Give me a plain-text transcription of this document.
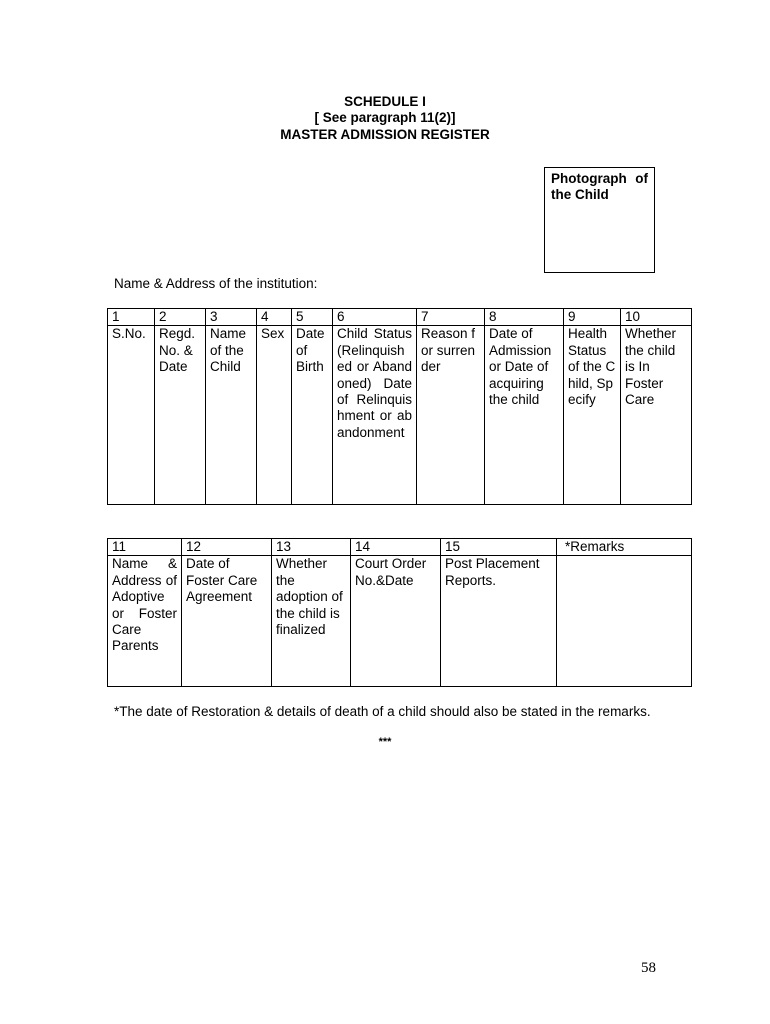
SCHEDULE I
[ See paragraph 11(2)]
MASTER ADMISSION REGISTER
Photograph of the Child
Name & Address of the institution:
1	2	3	4	5	6	7	8	9	10
S.No.	Regd. No. & Date	Name of the Child	Sex	Date of Birth	Child Status (Relinquished or Abandoned) Date of Relinquishment or abandonment	Reason for surrender	Date of Admission or Date of acquiring the child	Health Status of the Child, Specify	Whether the child is In Foster Care
11	12	13	14	15	*Remarks
Name & Address of Adoptive or Foster Care Parents	Date of Foster Care Agreement	Whether the adoption of the child is finalized	Court Order No.&Date	Post Placement Reports.	
*The date of Restoration & details of death of a child should also be stated in the remarks.
***
58
